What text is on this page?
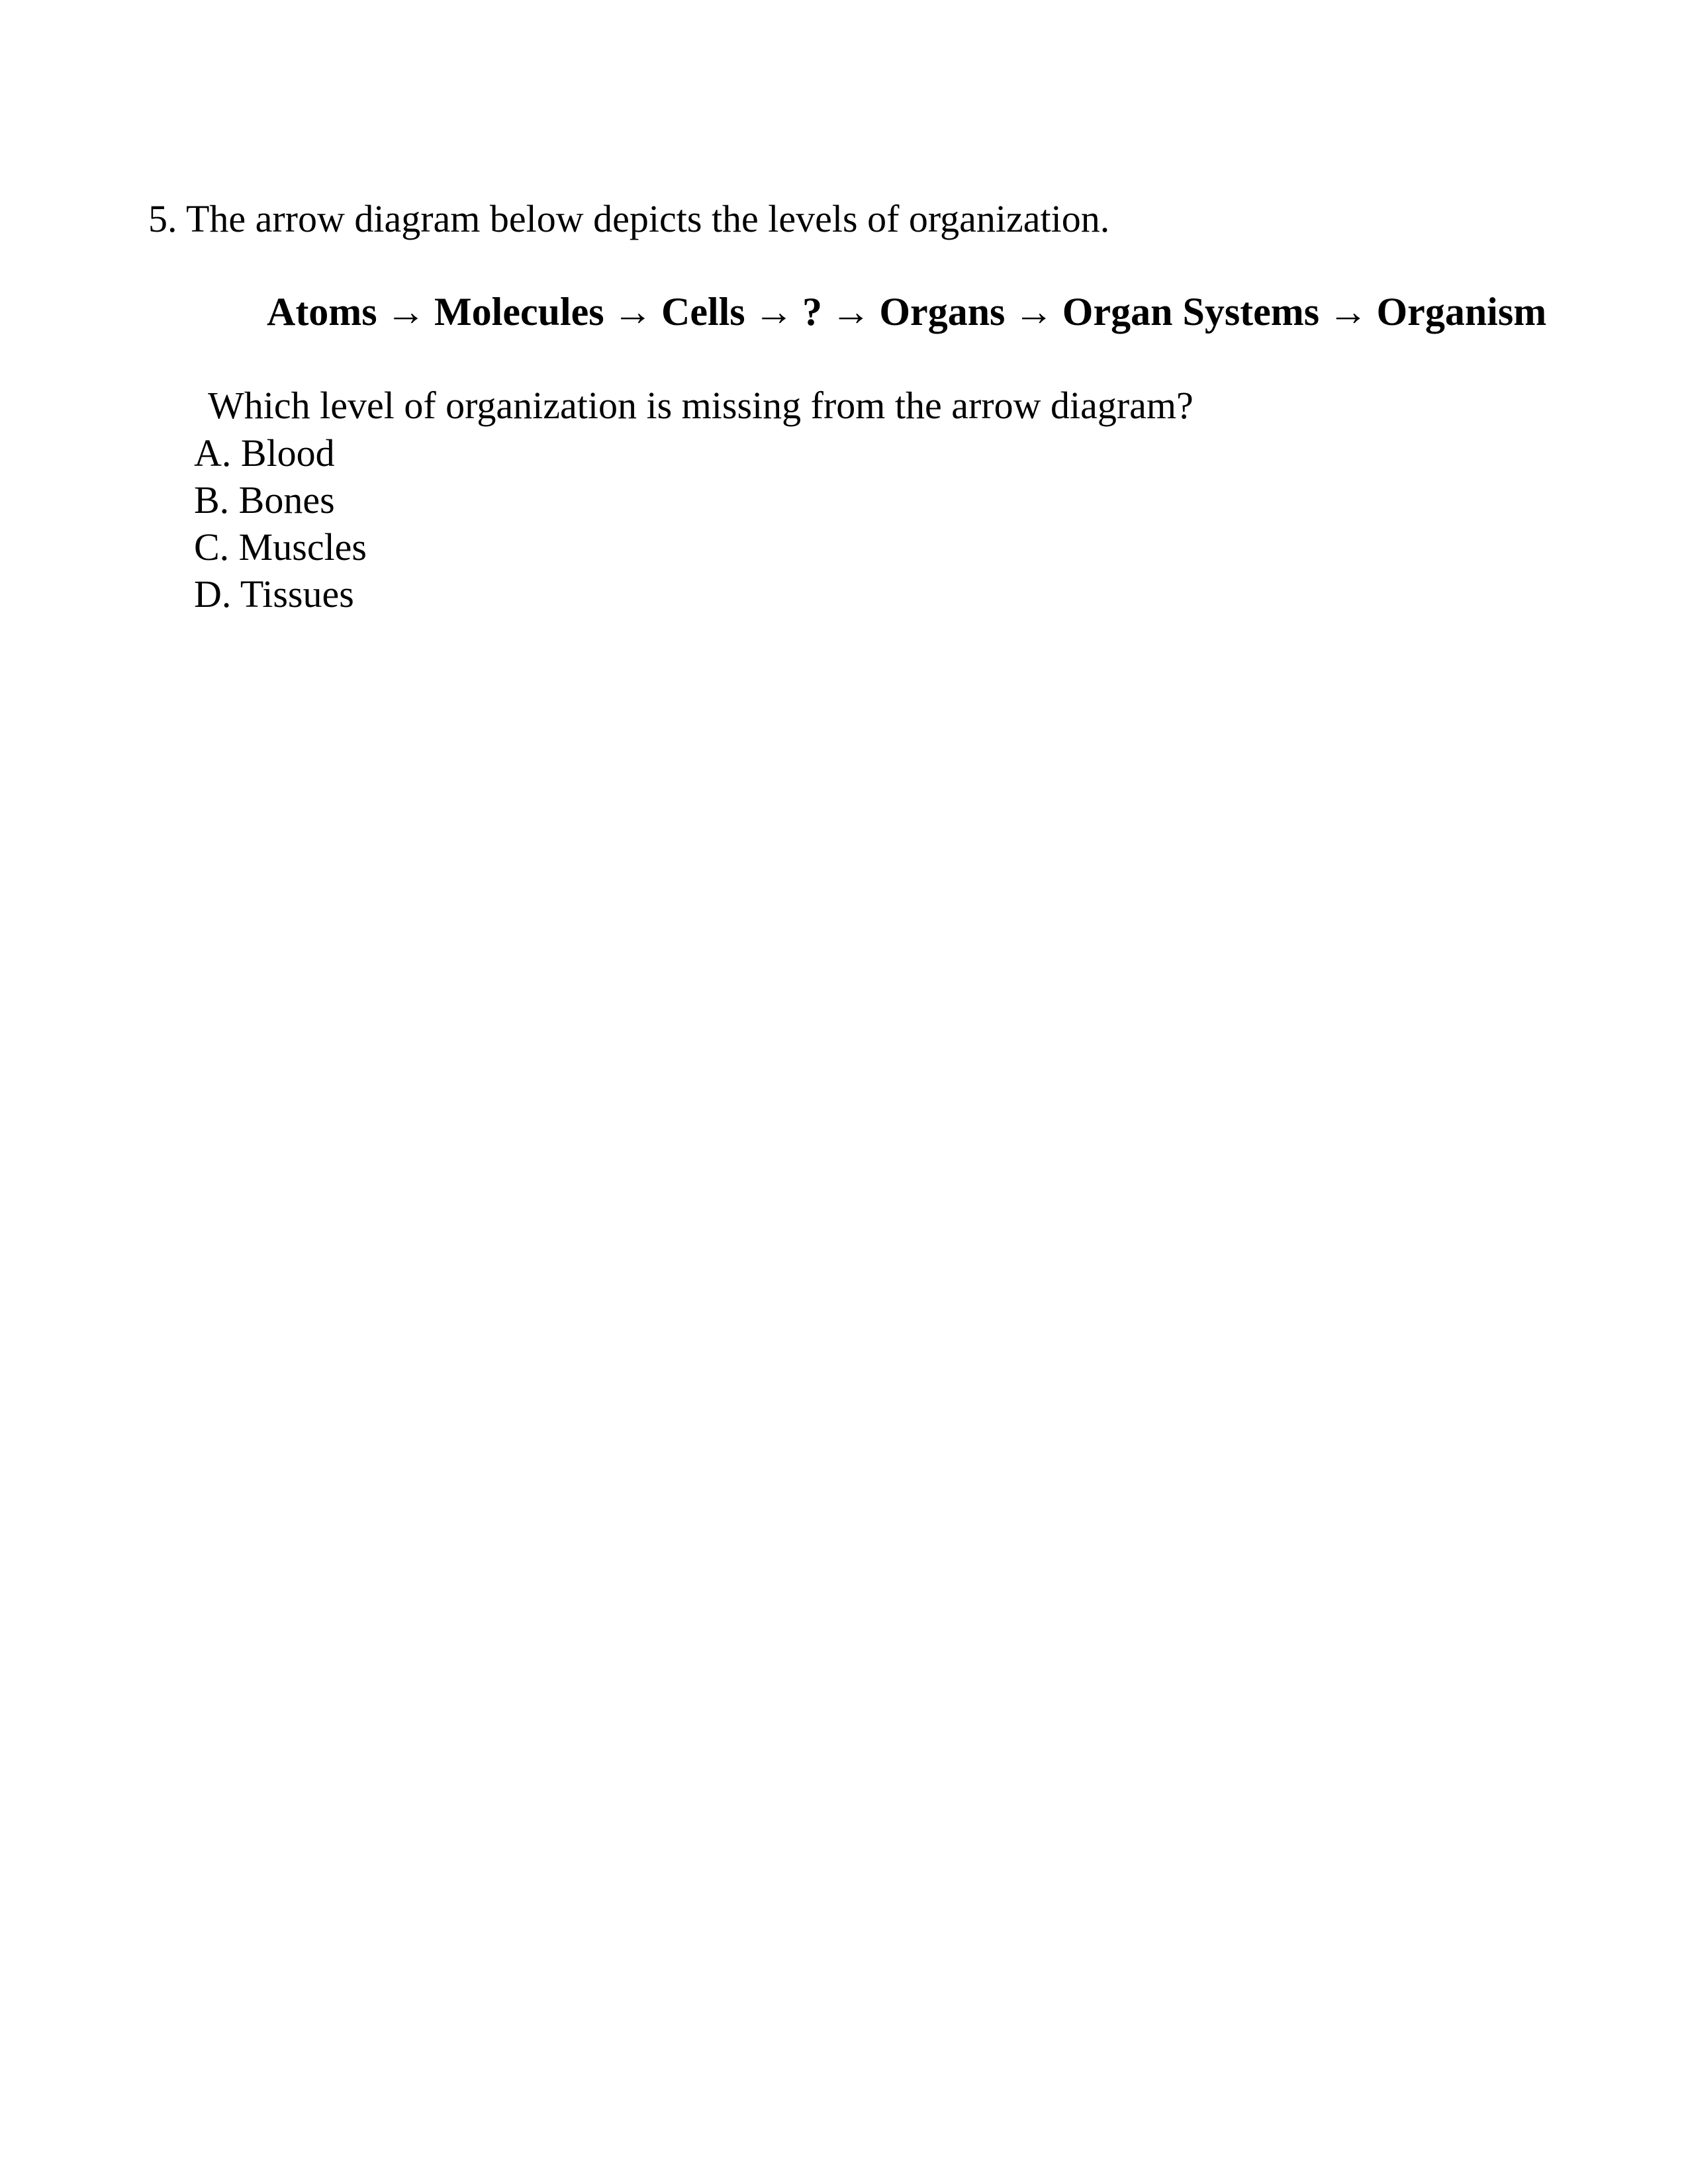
5. The arrow diagram below depicts the levels of organization.
Atoms → Molecules → Cells → ? → Organs → Organ Systems → Organism
Which level of organization is missing from the arrow diagram?
A. Blood
B. Bones
C. Muscles
D. Tissues
